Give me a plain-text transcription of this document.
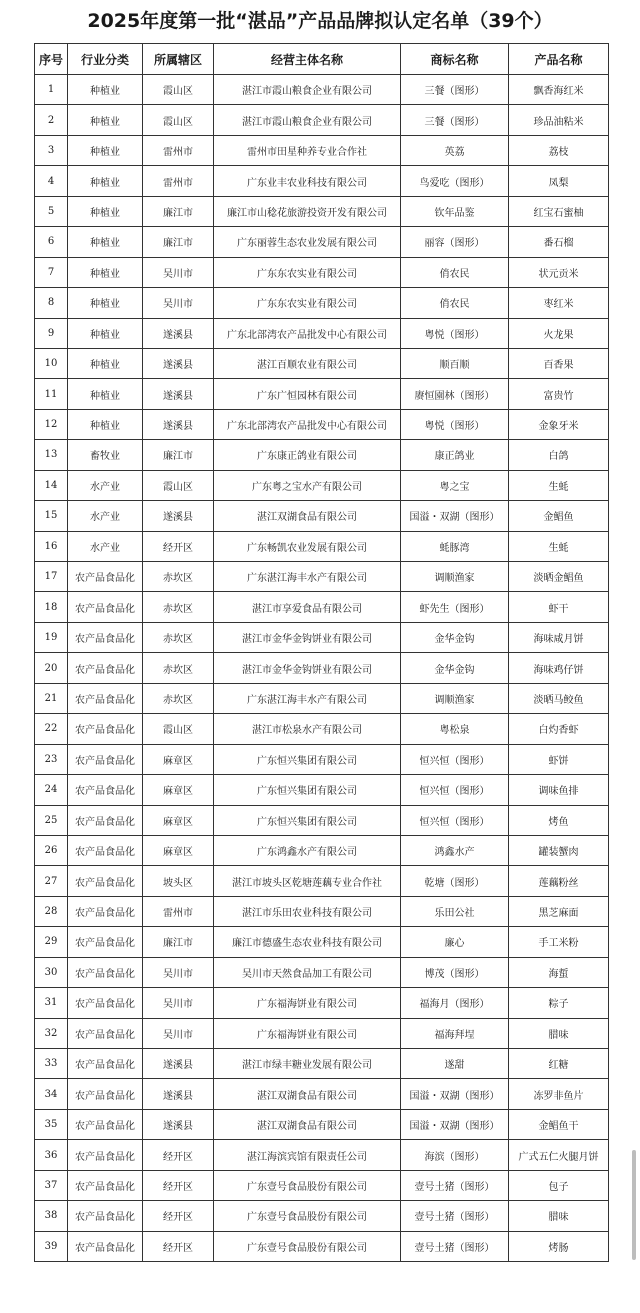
2025年度第一批“湛品”产品品牌拟认定名单（39个）
序号	行业分类	所属辖区	经营主体名称	商标名称	产品名称
1	种植业	霞山区	湛江市霞山粮食企业有限公司	三餐（图形）	飘香海红米
2	种植业	霞山区	湛江市霞山粮食企业有限公司	三餐（图形）	珍品油粘米
3	种植业	雷州市	雷州市田星种养专业合作社	英荔	荔枝
4	种植业	雷州市	广东业丰农业科技有限公司	鸟爱吃（图形）	凤梨
5	种植业	廉江市	廉江市山稔花旅游投资开发有限公司	钦年品鉴	红宝石蜜柚
6	种植业	廉江市	广东丽蓉生态农业发展有限公司	丽容（图形）	番石榴
7	种植业	吴川市	广东东农实业有限公司	俏农民	状元贡米
8	种植业	吴川市	广东东农实业有限公司	俏农民	枣红米
9	种植业	遂溪县	广东北部湾农产品批发中心有限公司	粤悦（图形）	火龙果
10	种植业	遂溪县	湛江百顺农业有限公司	顺百顺	百香果
11	种植业	遂溪县	广东广恒园林有限公司	赓恒園林（图形）	富贵竹
12	种植业	遂溪县	广东北部湾农产品批发中心有限公司	粤悦（图形）	金象牙米
13	畜牧业	廉江市	广东康正鸽业有限公司	康正鸽业	白鸽
14	水产业	霞山区	广东粤之宝水产有限公司	粤之宝	生蚝
15	水产业	遂溪县	湛江双湖食品有限公司	国溢・双湖（图形）	金鲳鱼
16	水产业	经开区	广东畅凯农业发展有限公司	蚝豚湾	生蚝
17	农产品食品化	赤坎区	广东湛江海丰水产有限公司	调顺渔家	淡晒金鲳鱼
18	农产品食品化	赤坎区	湛江市享爱食品有限公司	虾先生（图形）	虾干
19	农产品食品化	赤坎区	湛江市金华金钩饼业有限公司	金华金钩	海味咸月饼
20	农产品食品化	赤坎区	湛江市金华金钩饼业有限公司	金华金钩	海味鸡仔饼
21	农产品食品化	赤坎区	广东湛江海丰水产有限公司	调顺渔家	淡晒马鲛鱼
22	农产品食品化	霞山区	湛江市松泉水产有限公司	粤松泉	白灼香虾
23	农产品食品化	麻章区	广东恒兴集团有限公司	恒兴恒（图形）	虾饼
24	农产品食品化	麻章区	广东恒兴集团有限公司	恒兴恒（图形）	调味鱼排
25	农产品食品化	麻章区	广东恒兴集团有限公司	恒兴恒（图形）	烤鱼
26	农产品食品化	麻章区	广东鸿鑫水产有限公司	鸿鑫水产	罐装蟹肉
27	农产品食品化	坡头区	湛江市坡头区乾塘莲藕专业合作社	乾塘（图形）	莲藕粉丝
28	农产品食品化	雷州市	湛江市乐田农业科技有限公司	乐田公社	黑芝麻面
29	农产品食品化	廉江市	廉江市德盛生态农业科技有限公司	廉心	手工米粉
30	农产品食品化	吴川市	吴川市天然食品加工有限公司	博茂（图形）	海蜇
31	农产品食品化	吴川市	广东福海饼业有限公司	福海月（图形）	粽子
32	农产品食品化	吴川市	广东福海饼业有限公司	福海拜埕	腊味
33	农产品食品化	遂溪县	湛江市绿丰糖业发展有限公司	遂甜	红糖
34	农产品食品化	遂溪县	湛江双湖食品有限公司	国溢・双湖（图形）	冻罗非鱼片
35	农产品食品化	遂溪县	湛江双湖食品有限公司	国溢・双湖（图形）	金鲳鱼干
36	农产品食品化	经开区	湛江海滨宾馆有限责任公司	海滨（图形）	广式五仁火腿月饼
37	农产品食品化	经开区	广东壹号食品股份有限公司	壹号土猪（图形）	包子
38	农产品食品化	经开区	广东壹号食品股份有限公司	壹号土猪（图形）	腊味
39	农产品食品化	经开区	广东壹号食品股份有限公司	壹号土猪（图形）	烤肠
